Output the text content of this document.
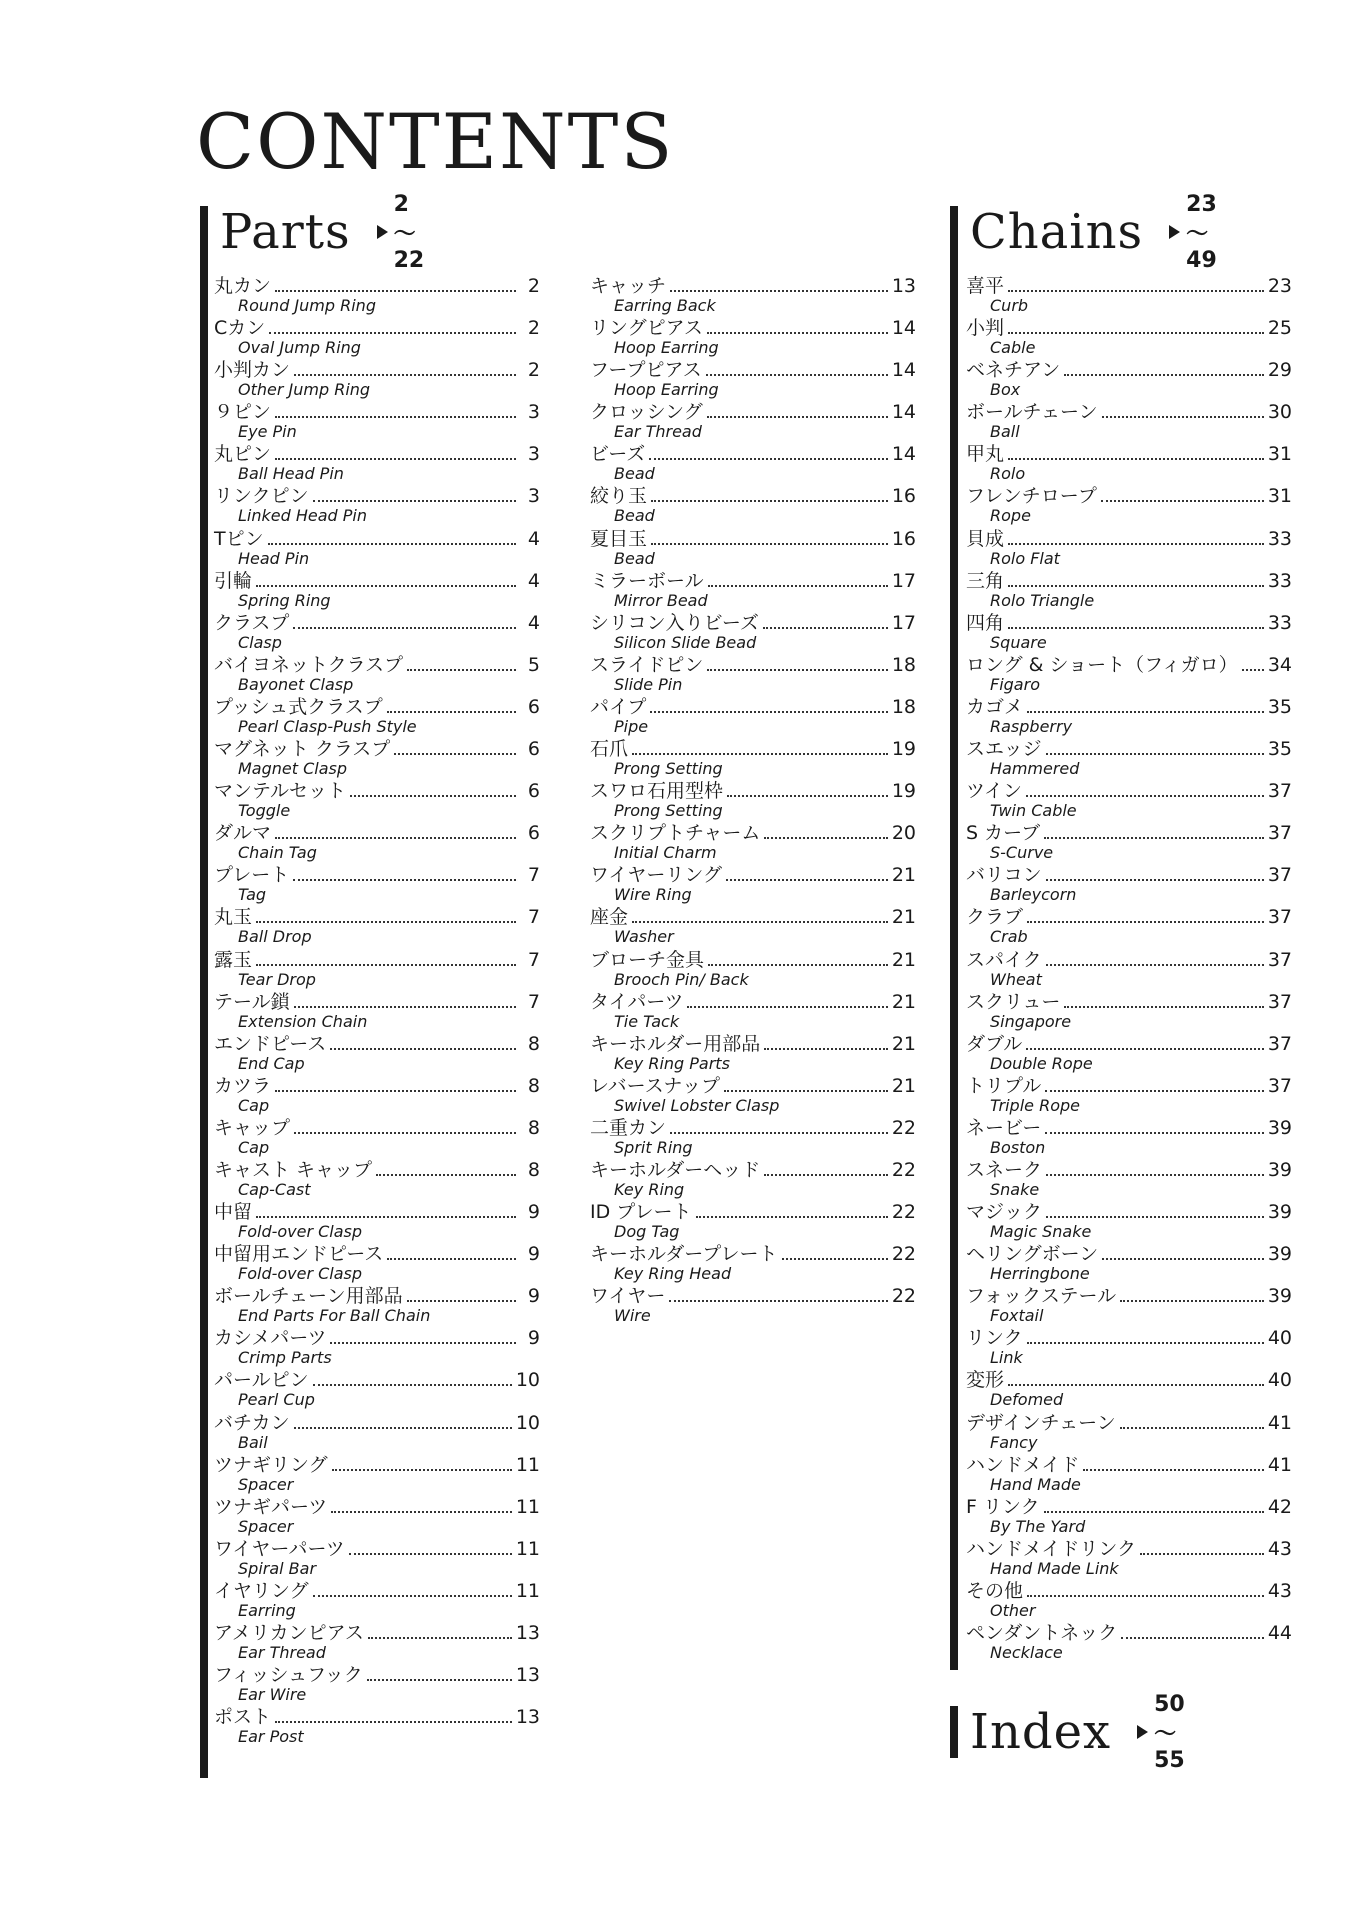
CONTENTS
Parts 2～22
丸カン	2
Round Jump Ring
Cカン	2
Oval Jump Ring
小判カン	2
Other Jump Ring
９ピン	3
Eye Pin
丸ピン	3
Ball Head Pin
リンクピン	3
Linked Head Pin
Tピン	4
Head Pin
引輪	4
Spring Ring
クラスプ	4
Clasp
バイヨネットクラスプ	5
Bayonet Clasp
プッシュ式クラスプ	6
Pearl Clasp-Push Style
マグネット クラスプ	6
Magnet Clasp
マンテルセット	6
Toggle
ダルマ	6
Chain Tag
プレート	7
Tag
丸玉	7
Ball Drop
露玉	7
Tear Drop
テール鎖	7
Extension Chain
エンドピース	8
End Cap
カツラ	8
Cap
キャップ	8
Cap
キャスト キャップ	8
Cap-Cast
中留	9
Fold-over Clasp
中留用エンドピース	9
Fold-over Clasp
ボールチェーン用部品	9
End Parts For Ball Chain
カシメパーツ	9
Crimp Parts
パールピン	10
Pearl Cup
バチカン	10
Bail
ツナギリング	11
Spacer
ツナギパーツ	11
Spacer
ワイヤーパーツ	11
Spiral Bar
イヤリング	11
Earring
アメリカンピアス	13
Ear Thread
フィッシュフック	13
Ear Wire
ポスト	13
Ear Post
キャッチ	13
Earring Back
リングピアス	14
Hoop Earring
フープピアス	14
Hoop Earring
クロッシング	14
Ear Thread
ビーズ	14
Bead
絞り玉	16
Bead
夏目玉	16
Bead
ミラーボール	17
Mirror Bead
シリコン入りビーズ	17
Silicon Slide Bead
スライドピン	18
Slide Pin
パイプ	18
Pipe
石爪	19
Prong Setting
スワロ石用型枠	19
Prong Setting
スクリプトチャーム	20
Initial Charm
ワイヤーリング	21
Wire Ring
座金	21
Washer
ブローチ金具	21
Brooch Pin/ Back
タイパーツ	21
Tie Tack
キーホルダー用部品	21
Key Ring Parts
レバースナップ	21
Swivel Lobster Clasp
二重カン	22
Sprit Ring
キーホルダーヘッド	22
Key Ring
ID プレート	22
Dog Tag
キーホルダープレート	22
Key Ring Head
ワイヤー	22
Wire
Chains 23～49
喜平	23
Curb
小判	25
Cable
ベネチアン	29
Box
ボールチェーン	30
Ball
甲丸	31
Rolo
フレンチロープ	31
Rope
貝成	33
Rolo Flat
三角	33
Rolo Triangle
四角	33
Square
ロング & ショート（フィガロ） 34
Figaro
カゴメ	35
Raspberry
スエッジ	35
Hammered
ツイン	37
Twin Cable
S カーブ	37
S-Curve
バリコン	37
Barleycorn
クラブ	37
Crab
スパイク	37
Wheat
スクリュー	37
Singapore
ダブル	37
Double Rope
トリプル	37
Triple Rope
ネービー	39
Boston
スネーク	39
Snake
マジック	39
Magic Snake
ヘリングボーン	39
Herringbone
フォックステール	39
Foxtail
リンク	40
Link
変形	40
Defomed
デザインチェーン	41
Fancy
ハンドメイド	41
Hand Made
F リンク	42
By The Yard
ハンドメイドリンク	43
Hand Made Link
その他	43
Other
ペンダントネック	44
Necklace
Index 50～55
